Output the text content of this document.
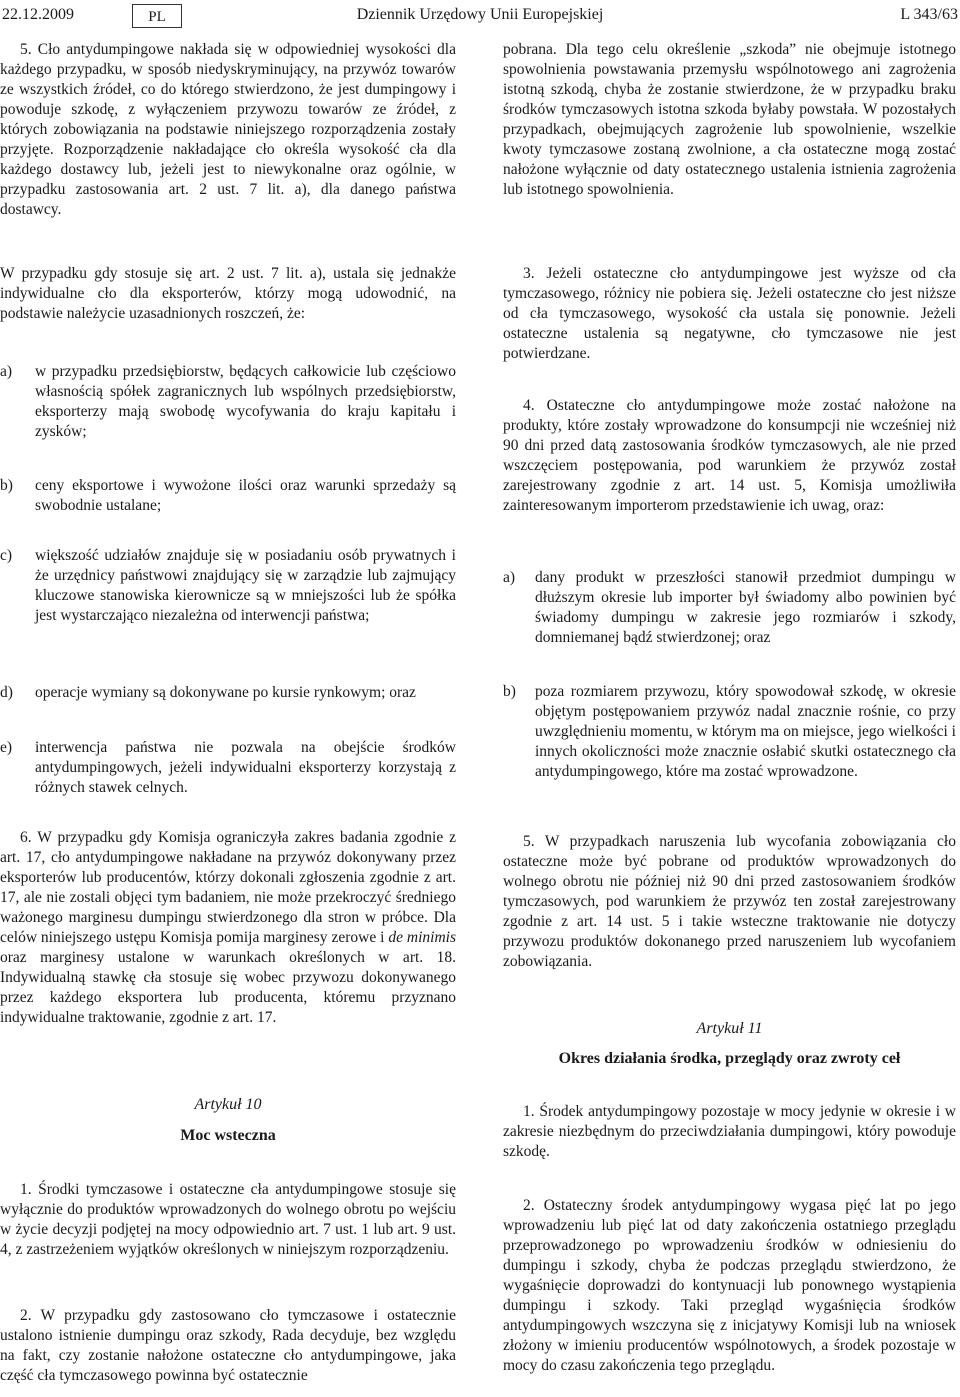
22.12.2009	PL	Dziennik Urzędowy Unii Europejskiej	L 343/63

5. Cło antydumpingowe nakłada się w odpowiedniej wysokości dla każdego przypadku, w sposób niedyskryminujący, na przywóz towarów ze wszystkich źródeł, co do którego stwierdzono, że jest dumpingowy i powoduje szkodę, z wyłączeniem przywozu towarów ze źródeł, z których zobowiązania na podstawie niniejszego rozporządzenia zostały przyjęte. Rozporządzenie nakładające cło określa wysokość cła dla każdego dostawcy lub, jeżeli jest to niewykonalne oraz ogólnie, w przypadku zastosowania art. 2 ust. 7 lit. a), dla danego państwa dostawcy.

W przypadku gdy stosuje się art. 2 ust. 7 lit. a), ustala się jednakże indywidualne cło dla eksporterów, którzy mogą udowodnić, na podstawie należycie uzasadnionych roszczeń, że:

a) w przypadku przedsiębiorstw, będących całkowicie lub częściowo własnością spółek zagranicznych lub wspólnych przedsiębiorstw, eksporterzy mają swobodę wycofywania do kraju kapitału i zysków;
b) ceny eksportowe i wywożone ilości oraz warunki sprzedaży są swobodnie ustalane;
c) większość udziałów znajduje się w posiadaniu osób prywatnych i że urzędnicy państwowi znajdujący się w zarządzie lub zajmujący kluczowe stanowiska kierownicze są w mniejszości lub że spółka jest wystarczająco niezależna od interwencji państwa;
d) operacje wymiany są dokonywane po kursie rynkowym; oraz
e) interwencja państwa nie pozwala na obejście środków antydumpingowych, jeżeli indywidualni eksporterzy korzystają z różnych stawek celnych.

6. W przypadku gdy Komisja ograniczyła zakres badania zgodnie z art. 17, cło antydumpingowe nakładane na przywóz dokonywany przez eksporterów lub producentów, którzy dokonali zgłoszenia zgodnie z art. 17, ale nie zostali objęci tym badaniem, nie może przekroczyć średniego ważonego marginesu dumpingu stwierdzonego dla stron w próbce. Dla celów niniejszego ustępu Komisja pomija marginesy zerowe i de minimis oraz marginesy ustalone w warunkach określonych w art. 18. Indywidualną stawkę cła stosuje się wobec przywozu dokonywanego przez każdego eksportera lub producenta, któremu przyznano indywidualne traktowanie, zgodnie z art. 17.

Artykuł 10
Moc wsteczna

1. Środki tymczasowe i ostateczne cła antydumpingowe stosuje się wyłącznie do produktów wprowadzonych do wolnego obrotu po wejściu w życie decyzji podjętej na mocy odpowiednio art. 7 ust. 1 lub art. 9 ust. 4, z zastrzeżeniem wyjątków określonych w niniejszym rozporządzeniu.

2. W przypadku gdy zastosowano cło tymczasowe i ostatecznie ustalono istnienie dumpingu oraz szkody, Rada decyduje, bez względu na fakt, czy zostanie nałożone ostateczne cło antydumpingowe, jaka część cła tymczasowego powinna być ostatecznie

pobrana. Dla tego celu określenie „szkoda” nie obejmuje istotnego spowolnienia powstawania przemysłu wspólnotowego ani zagrożenia istotną szkodą, chyba że zostanie stwierdzone, że w przypadku braku środków tymczasowych istotna szkoda byłaby powstała. W pozostałych przypadkach, obejmujących zagrożenie lub spowolnienie, wszelkie kwoty tymczasowe zostaną zwolnione, a cła ostateczne mogą zostać nałożone wyłącznie od daty ostatecznego ustalenia istnienia zagrożenia lub istotnego spowolnienia.

3. Jeżeli ostateczne cło antydumpingowe jest wyższe od cła tymczasowego, różnicy nie pobiera się. Jeżeli ostateczne cło jest niższe od cła tymczasowego, wysokość cła ustala się ponownie. Jeżeli ostateczne ustalenia są negatywne, cło tymczasowe nie jest potwierdzane.

4. Ostateczne cło antydumpingowe może zostać nałożone na produkty, które zostały wprowadzone do konsumpcji nie wcześniej niż 90 dni przed datą zastosowania środków tymczasowych, ale nie przed wszczęciem postępowania, pod warunkiem że przywóz został zarejestrowany zgodnie z art. 14 ust. 5, Komisja umożliwiła zainteresowanym importerom przedstawienie ich uwag, oraz:

a) dany produkt w przeszłości stanowił przedmiot dumpingu w dłuższym okresie lub importer był świadomy albo powinien być świadomy dumpingu w zakresie jego rozmiarów i szkody, domniemanej bądź stwierdzonej; oraz
b) poza rozmiarem przywozu, który spowodował szkodę, w okresie objętym postępowaniem przywóz nadal znacznie rośnie, co przy uwzględnieniu momentu, w którym ma on miejsce, jego wielkości i innych okoliczności może znacznie osłabić skutki ostatecznego cła antydumpingowego, które ma zostać wprowadzone.

5. W przypadkach naruszenia lub wycofania zobowiązania cło ostateczne może być pobrane od produktów wprowadzonych do wolnego obrotu nie później niż 90 dni przed zastosowaniem środków tymczasowych, pod warunkiem że przywóz ten został zarejestrowany zgodnie z art. 14 ust. 5 i takie wsteczne traktowanie nie dotyczy przywozu produktów dokonanego przed naruszeniem lub wycofaniem zobowiązania.

Artykuł 11
Okres działania środka, przeglądy oraz zwroty ceł

1. Środek antydumpingowy pozostaje w mocy jedynie w okresie i w zakresie niezbędnym do przeciwdziałania dumpingowi, który powoduje szkodę.

2. Ostateczny środek antydumpingowy wygasa pięć lat po jego wprowadzeniu lub pięć lat od daty zakończenia ostatniego przeglądu przeprowadzonego po wprowadzeniu środków w odniesieniu do dumpingu i szkody, chyba że podczas przeglądu stwierdzono, że wygaśnięcie doprowadzi do kontynuacji lub ponownego wystąpienia dumpingu i szkody. Taki przegląd wygaśnięcia środków antydumpingowych wszczyna się z inicjatywy Komisji lub na wniosek złożony w imieniu producentów wspólnotowych, a środek pozostaje w mocy do czasu zakończenia tego przeglądu.
